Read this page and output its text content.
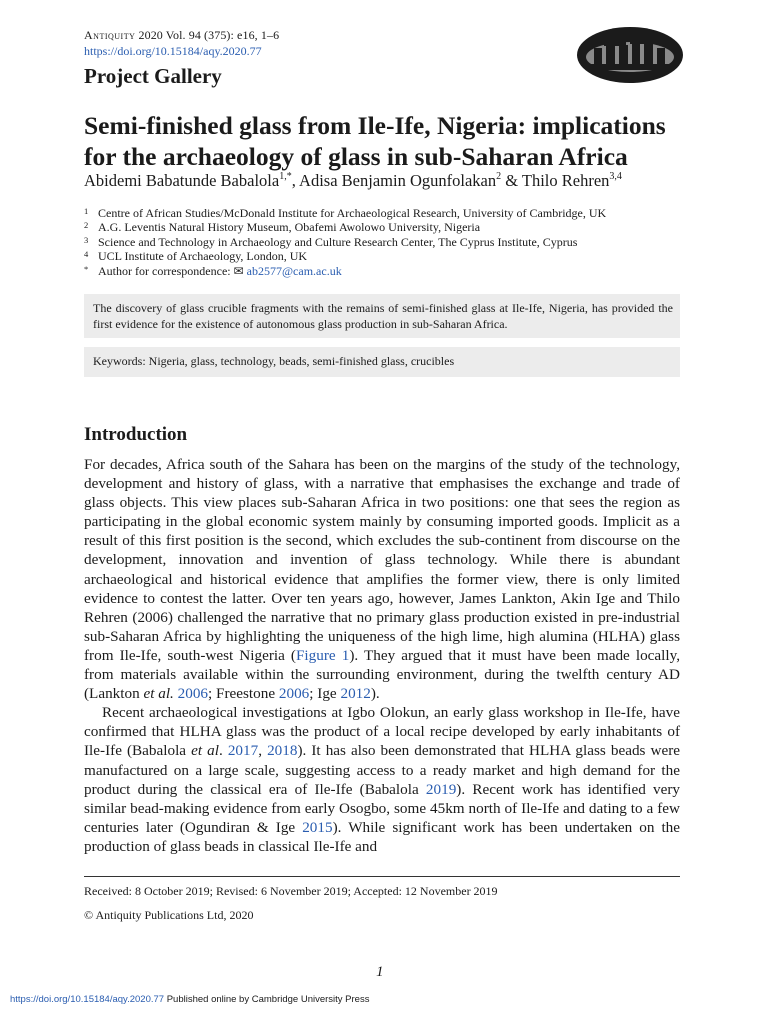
Antiquity 2020 Vol. 94 (375): e16, 1–6
https://doi.org/10.15184/aqy.2020.77
Project Gallery
Semi-finished glass from Ile-Ife, Nigeria: implications for the archaeology of glass in sub-Saharan Africa
Abidemi Babatunde Babalola$^{1,*}$, Adisa Benjamin Ogunfolakan$^2$ & Thilo Rehren$^{3,4}$
1 Centre of African Studies/McDonald Institute for Archaeological Research, University of Cambridge, UK
2 A.G. Leventis Natural History Museum, Obafemi Awolowo University, Nigeria
3 Science and Technology in Archaeology and Culture Research Center, The Cyprus Institute, Cyprus
4 UCL Institute of Archaeology, London, UK
* Author for correspondence: ✉ ab2577@cam.ac.uk
The discovery of glass crucible fragments with the remains of semi-finished glass at Ile-Ife, Nigeria, has provided the first evidence for the existence of autonomous glass production in sub-Saharan Africa.
Keywords: Nigeria, glass, technology, beads, semi-finished glass, crucibles
Introduction

For decades, Africa south of the Sahara has been on the margins of the study of the technology, development and history of glass, with a narrative that emphasises the exchange and trade of glass objects. This view places sub-Saharan Africa in two positions: one that sees the region as participating in the global economic system mainly by consuming imported goods. Implicit as a result of this first position is the second, which excludes the sub-continent from discourse on the development, innovation and invention of glass technology. While there is abundant archaeological and historical evidence that amplifies the former view, there is only limited evidence to contest the latter. Over ten years ago, however, James Lankton, Akin Ige and Thilo Rehren (2006) challenged the narrative that no primary glass production existed in pre-industrial sub-Saharan Africa by highlighting the uniqueness of the high lime, high alumina (HLHA) glass from Ile-Ife, south-west Nigeria (Figure 1). They argued that it must have been made locally, from materials available within the surrounding environment, during the twelfth century AD (Lankton et al. 2006; Freestone 2006; Ige 2012).

Recent archaeological investigations at Igbo Olokun, an early glass workshop in Ile-Ife, have confirmed that HLHA glass was the product of a local recipe developed by early inhabitants of Ile-Ife (Babalola et al. 2017, 2018). It has also been demonstrated that HLHA glass beads were manufactured on a large scale, suggesting access to a ready market and high demand for the product during the classical era of Ile-Ife (Babalola 2019). Recent work has identified very similar bead-making evidence from early Osogbo, some 45km north of Ile-Ife and dating to a few centuries later (Ogundiran & Ige 2015). While significant work has been undertaken on the production of glass beads in classical Ile-Ife and

Received: 8 October 2019; Revised: 6 November 2019; Accepted: 12 November 2019
© Antiquity Publications Ltd, 2020
1
https://doi.org/10.15184/aqy.2020.77 Published online by Cambridge University Press
